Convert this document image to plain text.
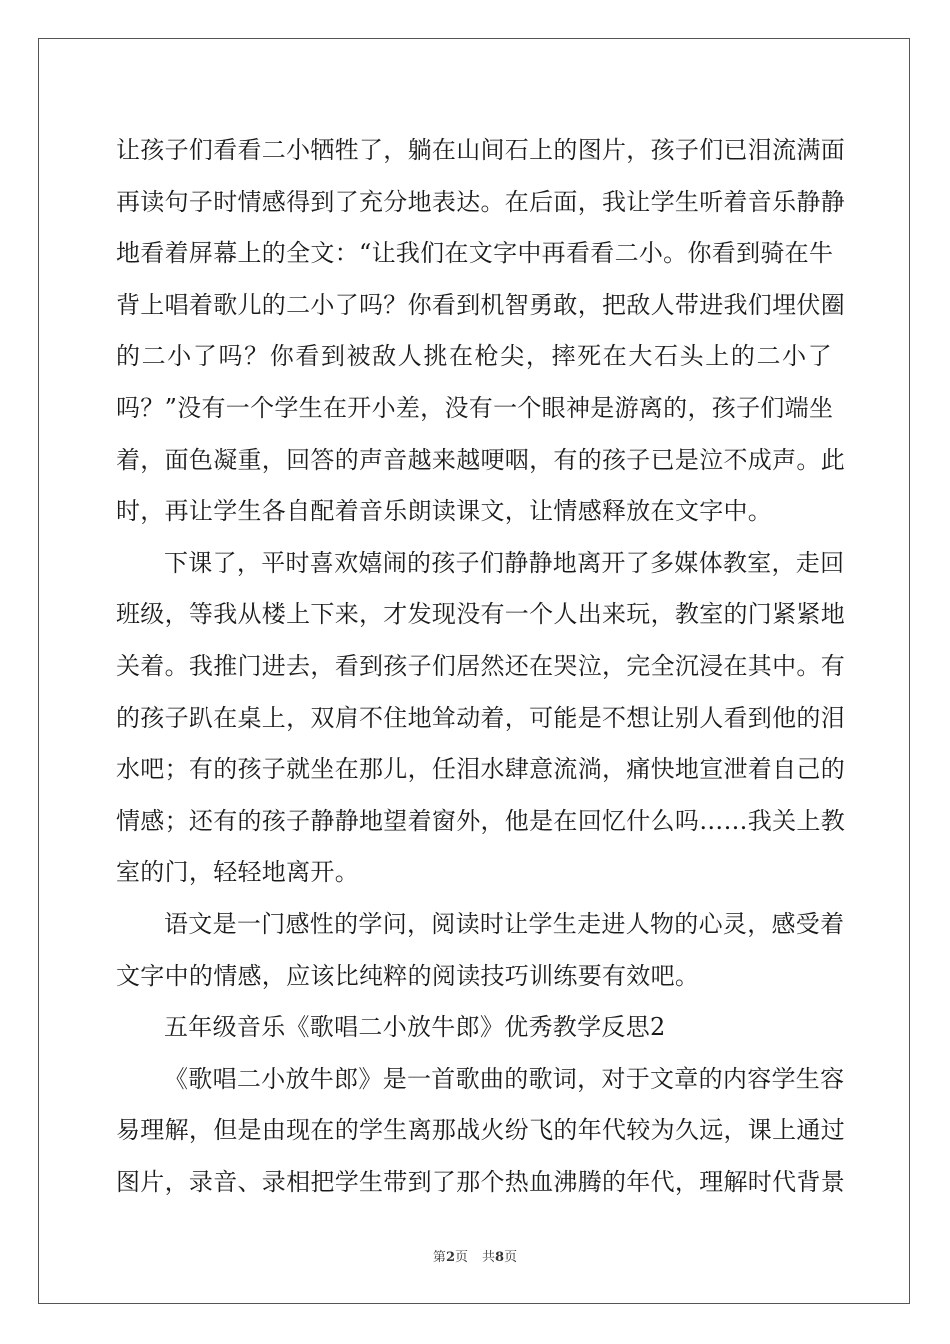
让孩子们看看二小牺牲了，躺在山间石上的图片，孩子们已泪流满面
再读句子时情感得到了充分地表达。在后面，我让学生听着音乐静静
地看着屏幕上的全文：“让我们在文字中再看看二小。你看到骑在牛
背上唱着歌儿的二小了吗？你看到机智勇敢，把敌人带进我们埋伏圈
的二小了吗？你看到被敌人挑在枪尖，摔死在大石头上的二小了
吗？”没有一个学生在开小差，没有一个眼神是游离的，孩子们端坐
着，面色凝重，回答的声音越来越哽咽，有的孩子已是泣不成声。此
时，再让学生各自配着音乐朗读课文，让情感释放在文字中。
下课了，平时喜欢嬉闹的孩子们静静地离开了多媒体教室，走回
班级，等我从楼上下来，才发现没有一个人出来玩，教室的门紧紧地
关着。我推门进去，看到孩子们居然还在哭泣，完全沉浸在其中。有
的孩子趴在桌上，双肩不住地耸动着，可能是不想让别人看到他的泪
水吧；有的孩子就坐在那儿，任泪水肆意流淌，痛快地宣泄着自己的
情感；还有的孩子静静地望着窗外，他是在回忆什么吗……我关上教
室的门，轻轻地离开。
语文是一门感性的学问，阅读时让学生走进人物的心灵，感受着
文字中的情感，应该比纯粹的阅读技巧训练要有效吧。
五年级音乐《歌唱二小放牛郎》优秀教学反思2
《歌唱二小放牛郎》是一首歌曲的歌词，对于文章的内容学生容
易理解，但是由现在的学生离那战火纷飞的年代较为久远，课上通过
图片，录音、录相把学生带到了那个热血沸腾的年代，理解时代背景
第2页 共8页
